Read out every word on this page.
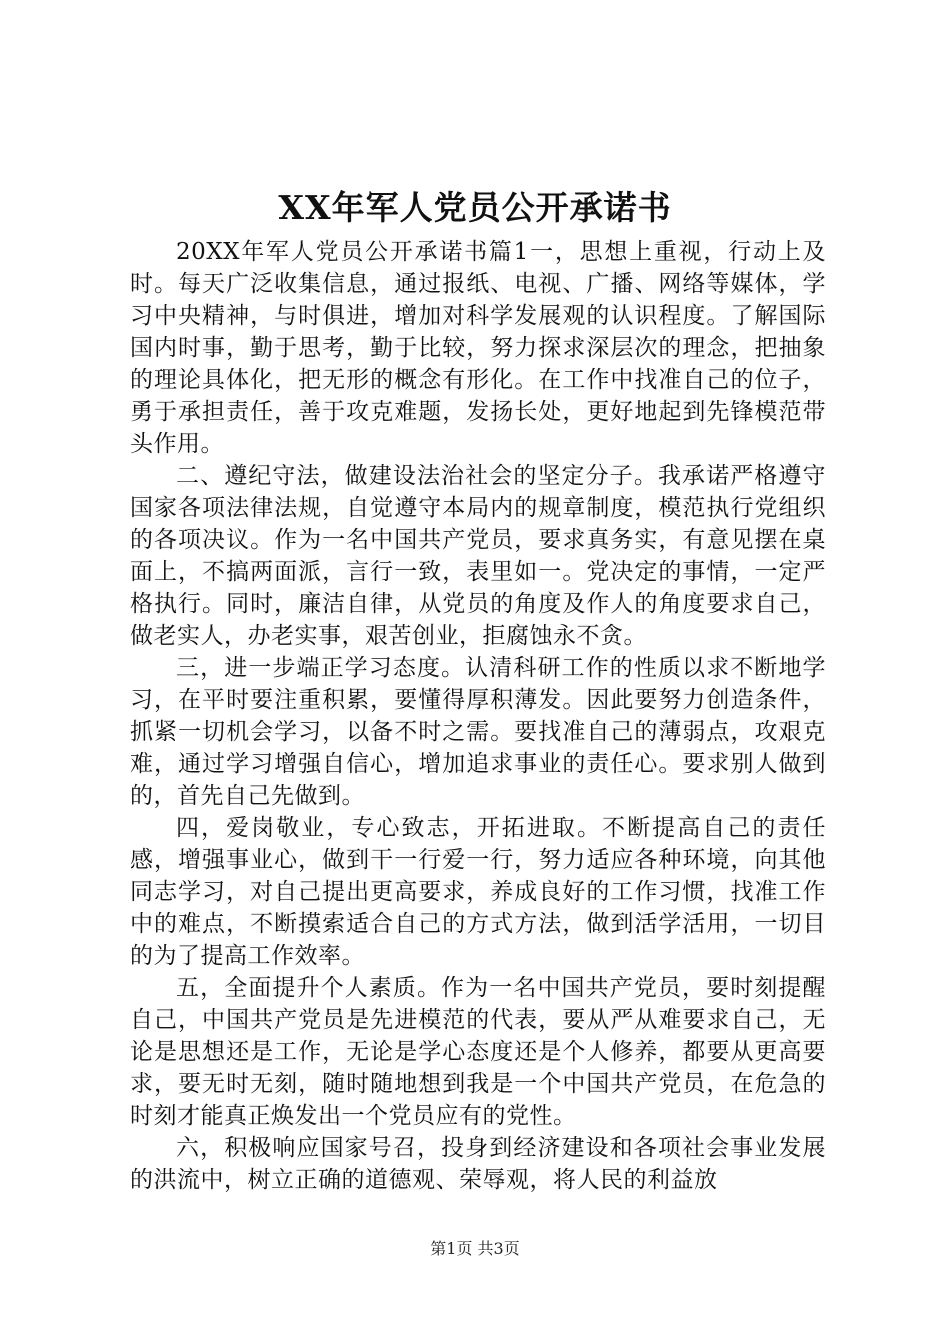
XX年军人党员公开承诺书

20XX年军人党员公开承诺书篇1一，思想上重视，行动上及时。每天广泛收集信息，通过报纸、电视、广播、网络等媒体，学习中央精神，与时俱进，增加对科学发展观的认识程度。了解国际国内时事，勤于思考，勤于比较，努力探求深层次的理念，把抽象的理论具体化，把无形的概念有形化。在工作中找准自己的位子，勇于承担责任，善于攻克难题，发扬长处，更好地起到先锋模范带头作用。

二、遵纪守法，做建设法治社会的坚定分子。我承诺严格遵守国家各项法律法规，自觉遵守本局内的规章制度，模范执行党组织的各项决议。作为一名中国共产党员，要求真务实，有意见摆在桌面上，不搞两面派，言行一致，表里如一。党决定的事情，一定严格执行。同时，廉洁自律，从党员的角度及作人的角度要求自己，做老实人，办老实事，艰苦创业，拒腐蚀永不贪。

三，进一步端正学习态度。认清科研工作的性质以求不断地学习，在平时要注重积累，要懂得厚积薄发。因此要努力创造条件，抓紧一切机会学习，以备不时之需。要找准自己的薄弱点，攻艰克难，通过学习增强自信心，增加追求事业的责任心。要求别人做到的，首先自己先做到。

四，爱岗敬业，专心致志，开拓进取。不断提高自己的责任感，增强事业心，做到干一行爱一行，努力适应各种环境，向其他同志学习，对自己提出更高要求，养成良好的工作习惯，找准工作中的难点，不断摸索适合自己的方式方法，做到活学活用，一切目的为了提高工作效率。

五，全面提升个人素质。作为一名中国共产党员，要时刻提醒自己，中国共产党员是先进模范的代表，要从严从难要求自己，无论是思想还是工作，无论是学心态度还是个人修养，都要从更高要求，要无时无刻，随时随地想到我是一个中国共产党员，在危急的时刻才能真正焕发出一个党员应有的党性。

六，积极响应国家号召，投身到经济建设和各项社会事业发展的洪流中，树立正确的道德观、荣辱观，将人民的利益放

第1页 共3页
